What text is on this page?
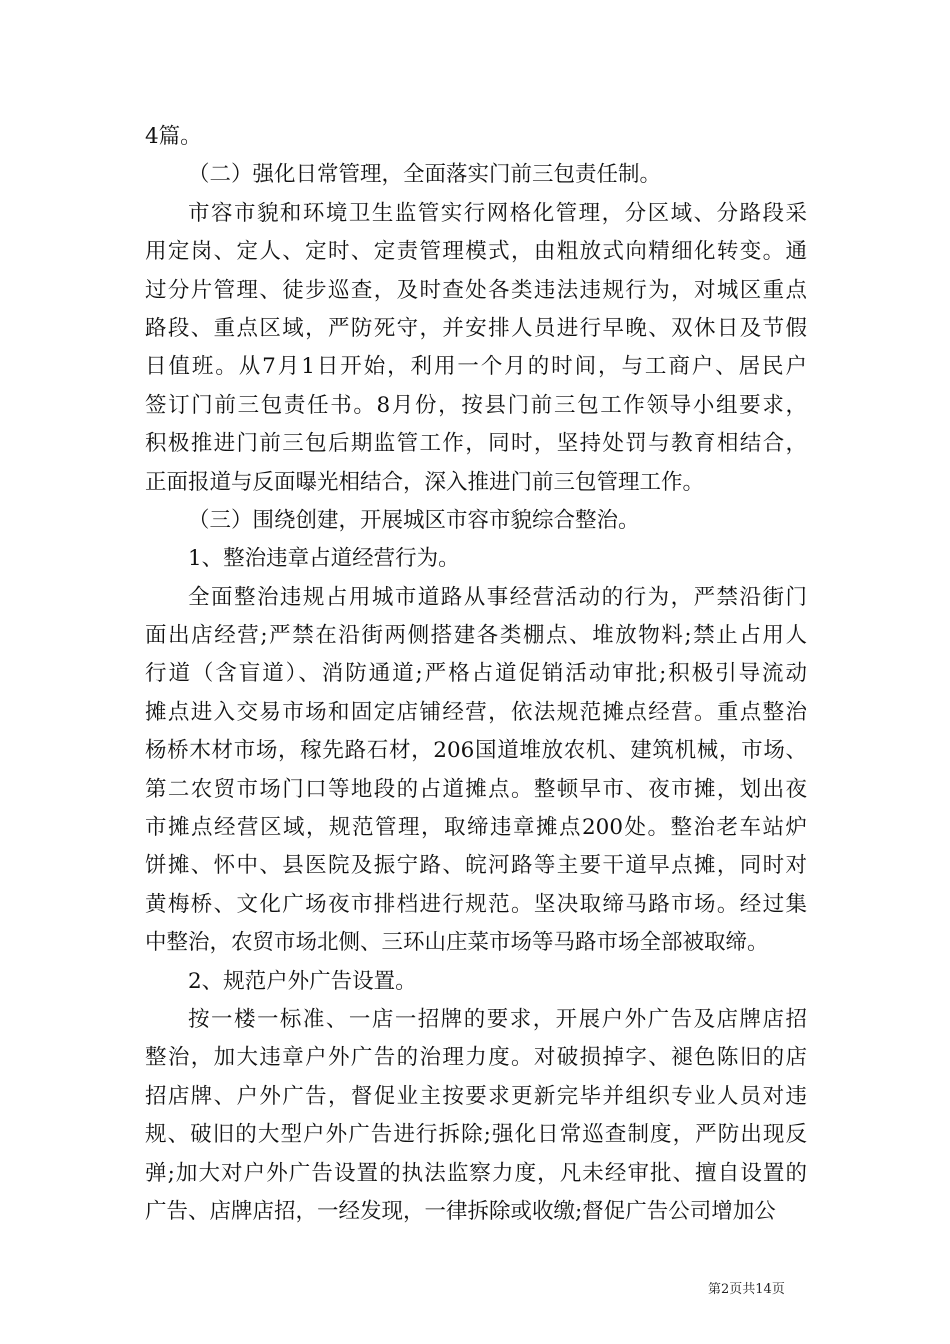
4篇。
（二）强化日常管理，全面落实门前三包责任制。
市容市貌和环境卫生监管实行网格化管理，分区域、分路段采
用定岗、定人、定时、定责管理模式，由粗放式向精细化转变。通
过分片管理、徒步巡查，及时查处各类违法违规行为，对城区重点
路段、重点区域，严防死守，并安排人员进行早晚、双休日及节假
日值班。从7月1日开始，利用一个月的时间，与工商户、居民户
签订门前三包责任书。8月份，按县门前三包工作领导小组要求，
积极推进门前三包后期监管工作，同时，坚持处罚与教育相结合，
正面报道与反面曝光相结合，深入推进门前三包管理工作。
（三）围绕创建，开展城区市容市貌综合整治。
1、整治违章占道经营行为。
全面整治违规占用城市道路从事经营活动的行为，严禁沿街门
面出店经营;严禁在沿街两侧搭建各类棚点、堆放物料;禁止占用人
行道（含盲道）、消防通道;严格占道促销活动审批;积极引导流动
摊点进入交易市场和固定店铺经营，依法规范摊点经营。重点整治
杨桥木材市场，稼先路石材，206国道堆放农机、建筑机械，市场、
第二农贸市场门口等地段的占道摊点。整顿早市、夜市摊，划出夜
市摊点经营区域，规范管理，取缔违章摊点200处。整治老车站炉
饼摊、怀中、县医院及振宁路、皖河路等主要干道早点摊，同时对
黄梅桥、文化广场夜市排档进行规范。坚决取缔马路市场。经过集
中整治，农贸市场北侧、三环山庄菜市场等马路市场全部被取缔。
2、规范户外广告设置。
按一楼一标准、一店一招牌的要求，开展户外广告及店牌店招
整治，加大违章户外广告的治理力度。对破损掉字、褪色陈旧的店
招店牌、户外广告，督促业主按要求更新完毕并组织专业人员对违
规、破旧的大型户外广告进行拆除;强化日常巡查制度，严防出现反
弹;加大对户外广告设置的执法监察力度，凡未经审批、擅自设置的
广告、店牌店招，一经发现，一律拆除或收缴;督促广告公司增加公
第2页共14页
